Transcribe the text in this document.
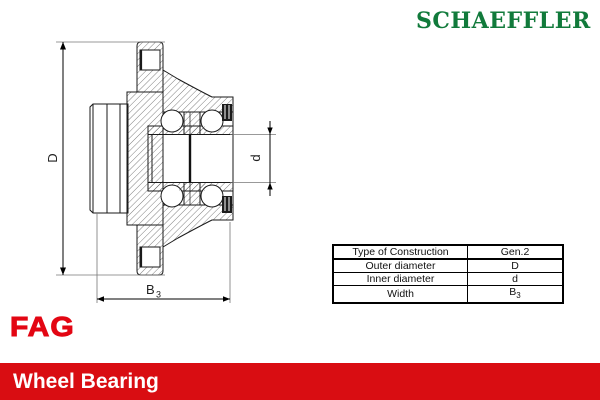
SCHAEFFLER
D	d
B 3
Type of Construction	Gen.2
Outer diameter	D
Inner diameter	d
Width	$B_3$
FAG
Wheel Bearing
